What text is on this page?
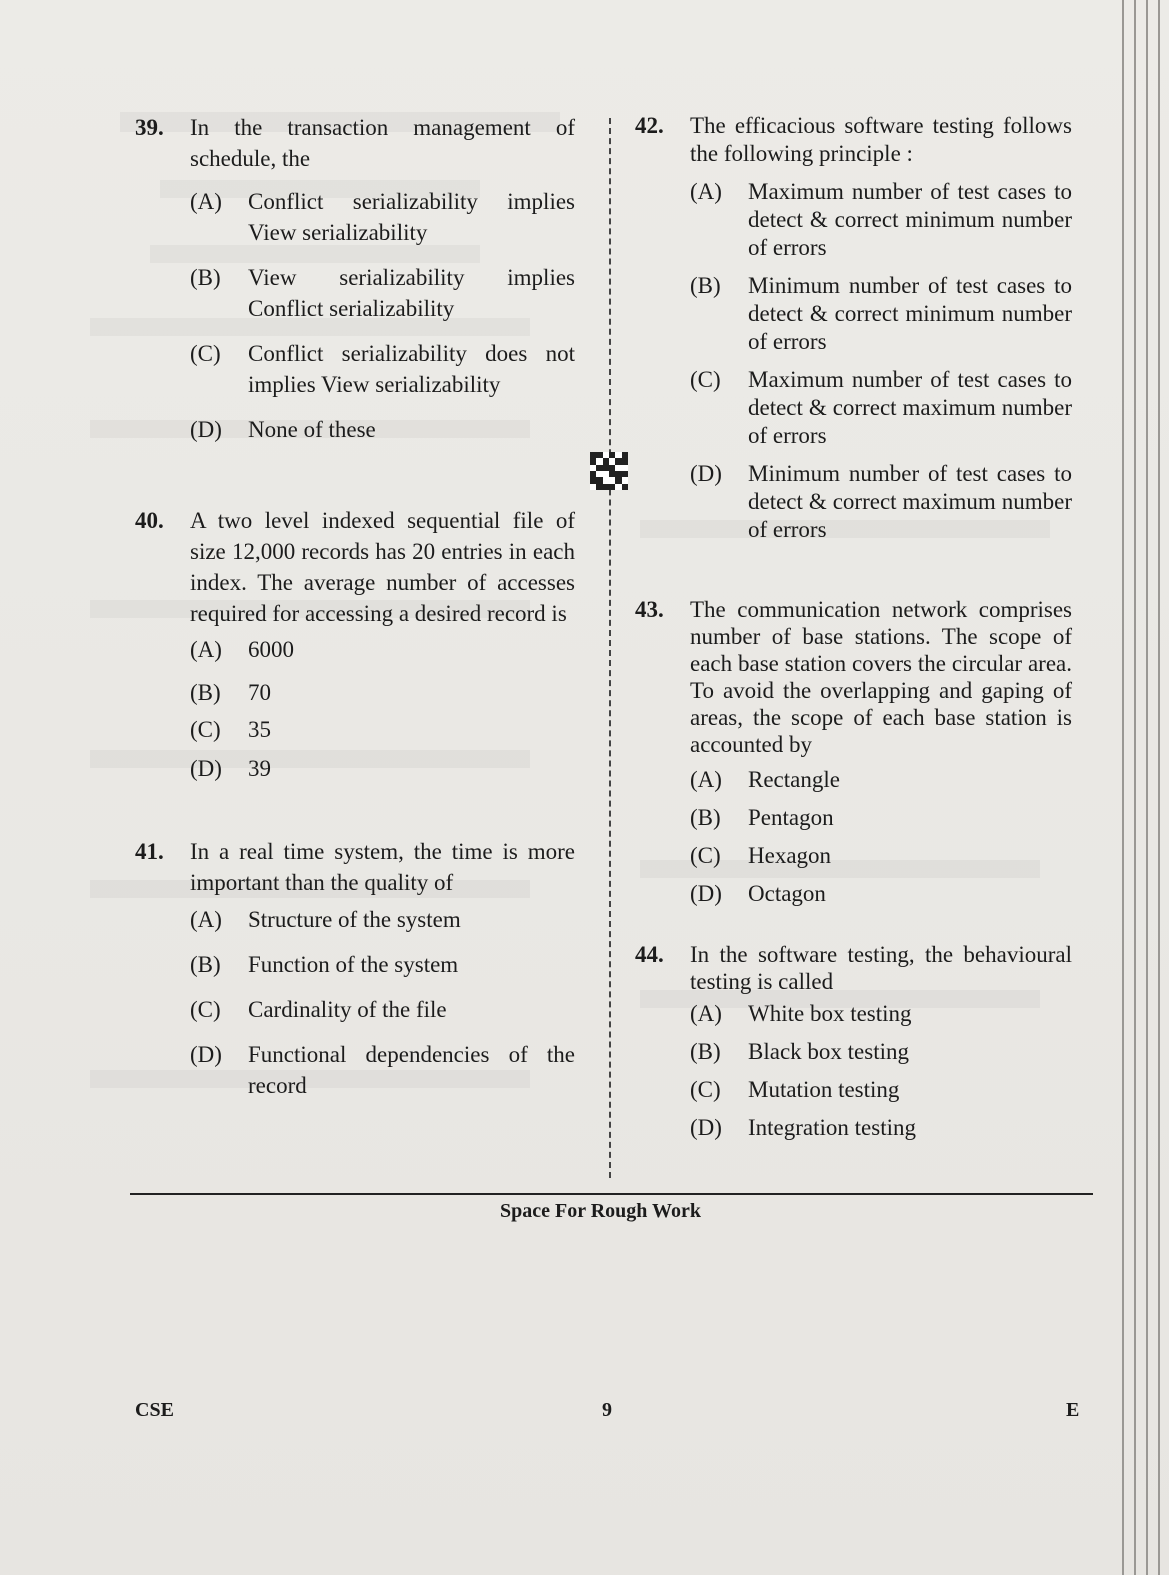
39. In the transaction management of schedule, the
(A) Conflict serializability implies View serializability
(B) View serializability implies Conflict serializability
(C) Conflict serializability does not implies View serializability
(D) None of these
40. A two level indexed sequential file of size 12,000 records has 20 entries in each index. The average number of accesses required for accessing a desired record is
(A) 6000
(B) 70
(C) 35
(D) 39
41. In a real time system, the time is more important than the quality of
(A) Structure of the system
(B) Function of the system
(C) Cardinality of the file
(D) Functional dependencies of the record
42. The efficacious software testing follows the following principle :
(A) Maximum number of test cases to detect & correct minimum number of errors
(B) Minimum number of test cases to detect & correct minimum number of errors
(C) Maximum number of test cases to detect & correct maximum number of errors
(D) Minimum number of test cases to detect & correct maximum number of errors
43. The communication network comprises number of base stations. The scope of each base station covers the circular area. To avoid the overlapping and gaping of areas, the scope of each base station is accounted by
(A) Rectangle
(B) Pentagon
(C) Hexagon
(D) Octagon
44. In the software testing, the behavioural testing is called
(A) White box testing
(B) Black box testing
(C) Mutation testing
(D) Integration testing
Space For Rough Work
CSE	9	E
